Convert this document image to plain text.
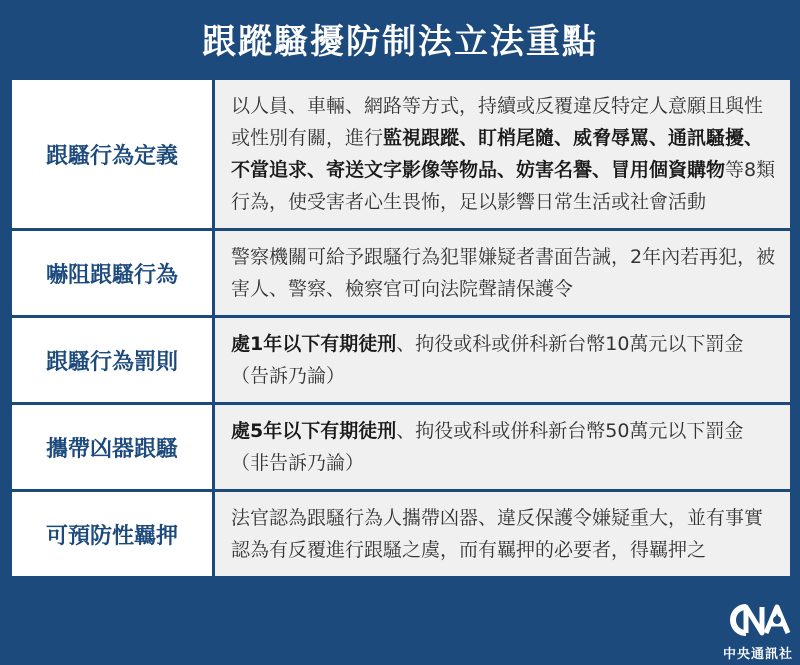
跟蹤騷擾防制法立法重點
跟騷行為定義
以人員、車輛、網路等方式，持續或反覆違反特定人意願且與性或性別有關，進行監視跟蹤、盯梢尾隨、威脅辱罵、通訊騷擾、不當追求、寄送文字影像等物品、妨害名譽、冒用個資購物等8類行為，使受害者心生畏怖，足以影響日常生活或社會活動
嚇阻跟騷行為
警察機關可給予跟騷行為犯罪嫌疑者書面告誡，2年內若再犯，被害人、警察、檢察官可向法院聲請保護令
跟騷行為罰則
處1年以下有期徒刑、拘役或科或併科新台幣10萬元以下罰金（告訴乃論）
攜帶凶器跟騷
處5年以下有期徒刑、拘役或科或併科新台幣50萬元以下罰金（非告訴乃論）
可預防性羈押
法官認為跟騷行為人攜帶凶器、違反保護令嫌疑重大，並有事實認為有反覆進行跟騷之虞，而有羈押的必要者，得羈押之
中央通訊社
